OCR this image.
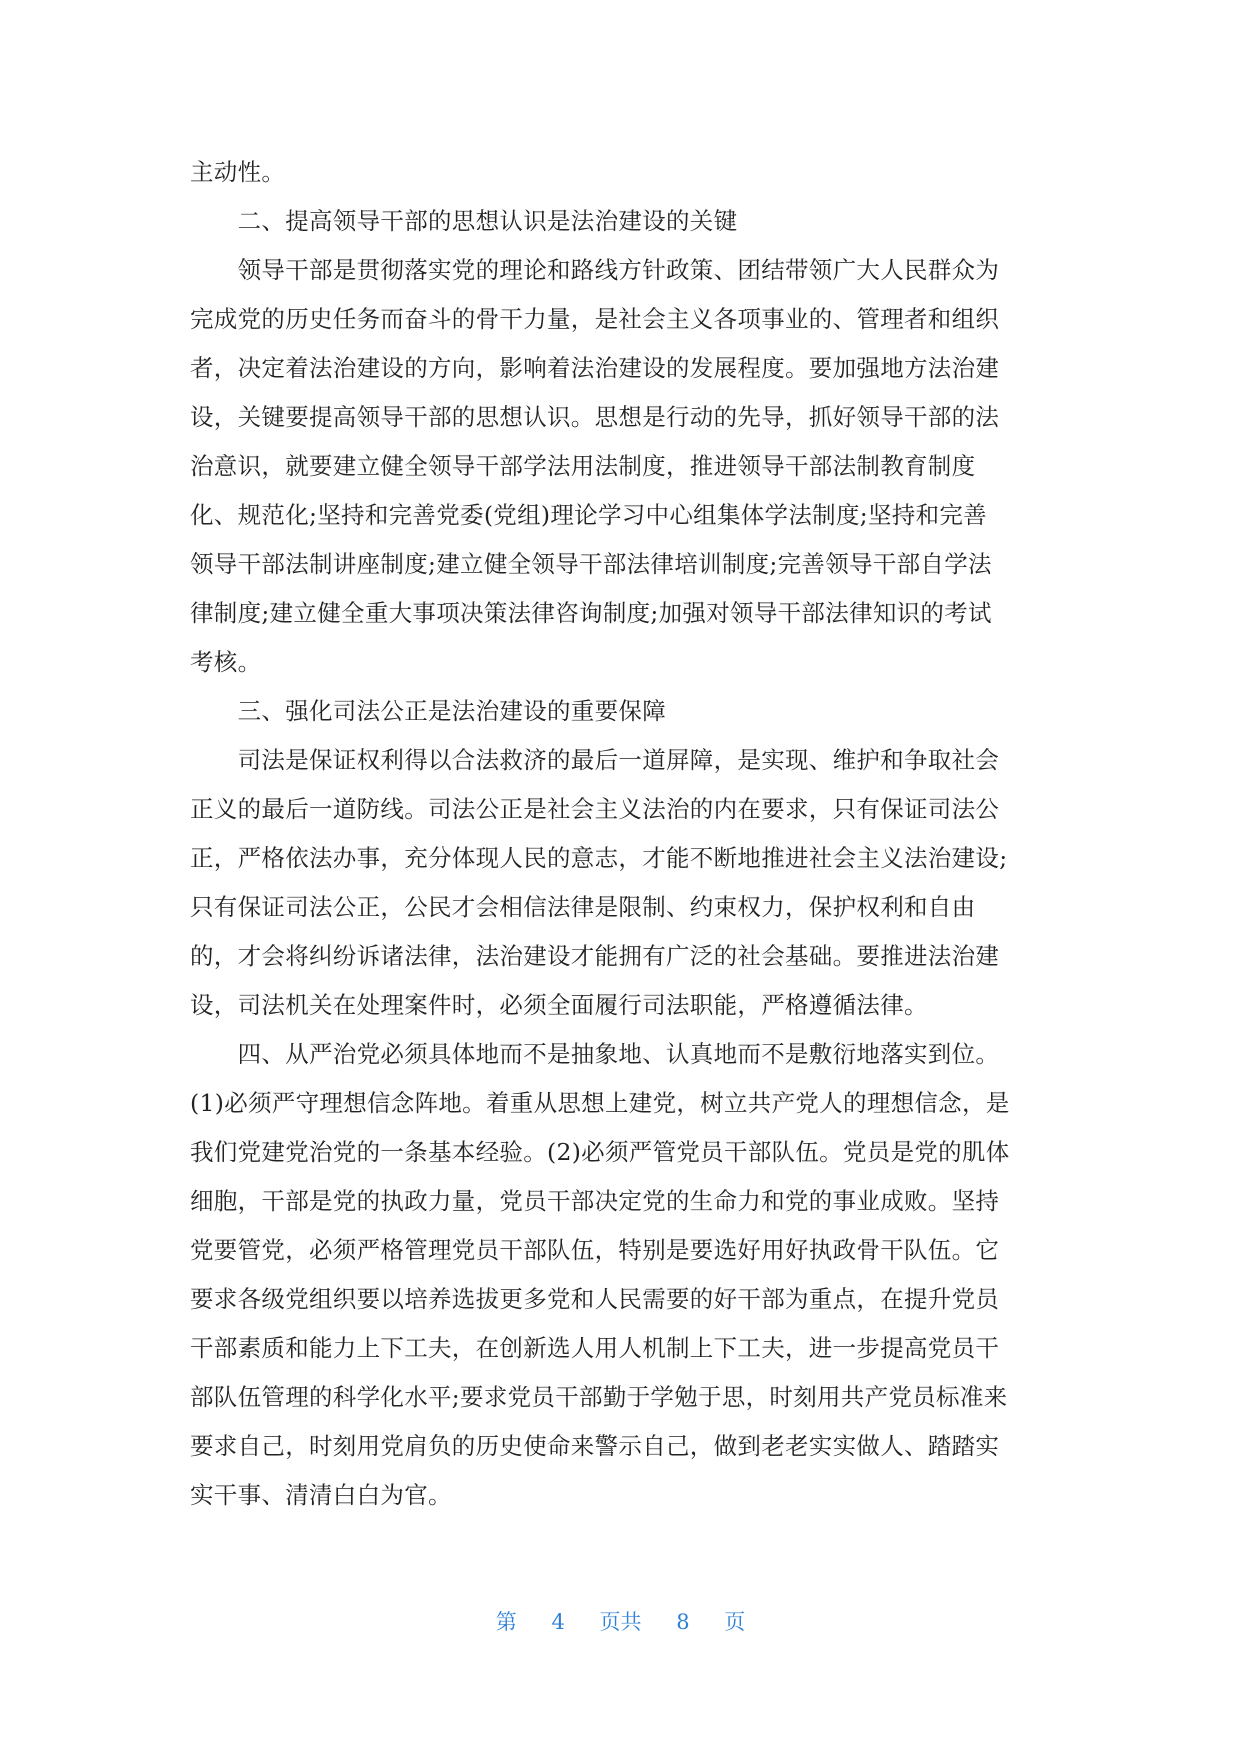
主动性。
　　二、提高领导干部的思想认识是法治建设的关键
　　领导干部是贯彻落实党的理论和路线方针政策、团结带领广大人民群众为
完成党的历史任务而奋斗的骨干力量，是社会主义各项事业的、管理者和组织
者，决定着法治建设的方向，影响着法治建设的发展程度。要加强地方法治建
设，关键要提高领导干部的思想认识。思想是行动的先导，抓好领导干部的法
治意识，就要建立健全领导干部学法用法制度，推进领导干部法制教育制度
化、规范化;坚持和完善党委(党组)理论学习中心组集体学法制度;坚持和完善
领导干部法制讲座制度;建立健全领导干部法律培训制度;完善领导干部自学法
律制度;建立健全重大事项决策法律咨询制度;加强对领导干部法律知识的考试
考核。
　　三、强化司法公正是法治建设的重要保障
　　司法是保证权利得以合法救济的最后一道屏障，是实现、维护和争取社会
正义的最后一道防线。司法公正是社会主义法治的内在要求，只有保证司法公
正，严格依法办事，充分体现人民的意志，才能不断地推进社会主义法治建设;
只有保证司法公正，公民才会相信法律是限制、约束权力，保护权利和自由
的，才会将纠纷诉诸法律，法治建设才能拥有广泛的社会基础。要推进法治建
设，司法机关在处理案件时，必须全面履行司法职能，严格遵循法律。
　　四、从严治党必须具体地而不是抽象地、认真地而不是敷衍地落实到位。
(1)必须严守理想信念阵地。着重从思想上建党，树立共产党人的理想信念，是
我们党建党治党的一条基本经验。(2)必须严管党员干部队伍。党员是党的肌体
细胞，干部是党的执政力量，党员干部决定党的生命力和党的事业成败。坚持
党要管党，必须严格管理党员干部队伍，特别是要选好用好执政骨干队伍。它
要求各级党组织要以培养选拔更多党和人民需要的好干部为重点，在提升党员
干部素质和能力上下工夫，在创新选人用人机制上下工夫，进一步提高党员干
部队伍管理的科学化水平;要求党员干部勤于学勉于思，时刻用共产党员标准来
要求自己，时刻用党肩负的历史使命来警示自己，做到老老实实做人、踏踏实
实干事、清清白白为官。
第 4 页共 8 页
